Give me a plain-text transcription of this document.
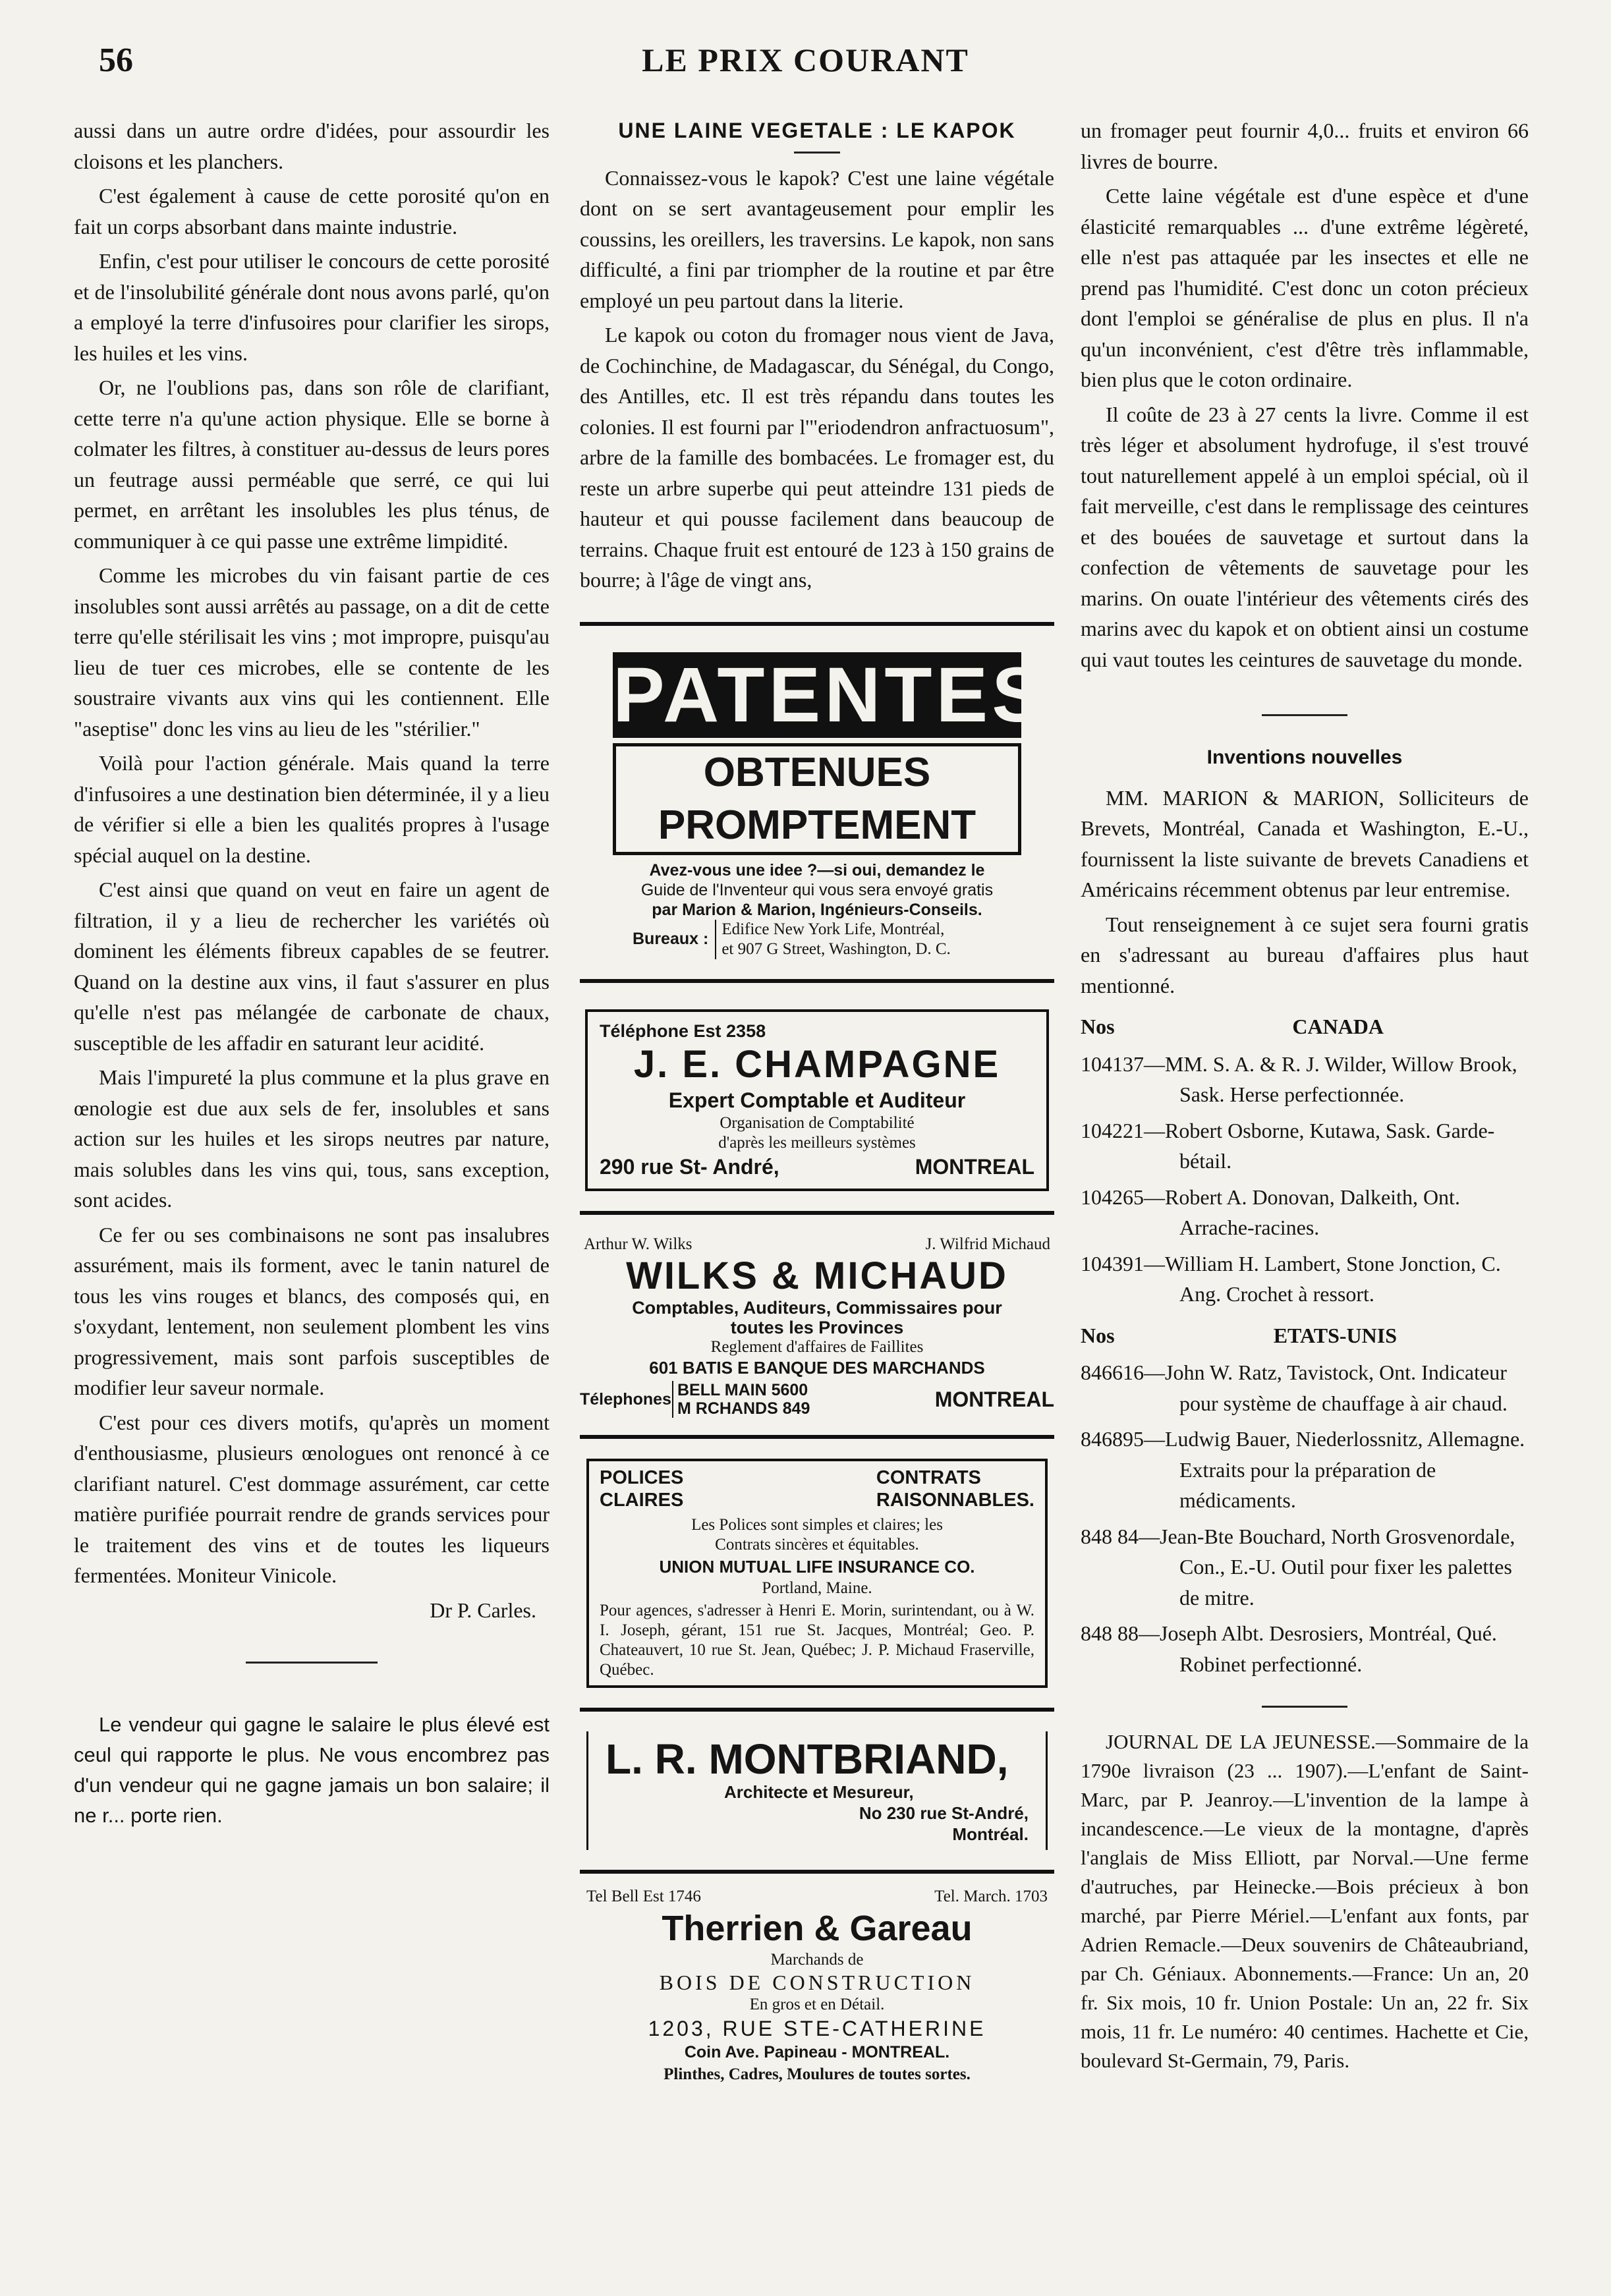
56	LE PRIX COURANT

aussi dans un autre ordre d'idées, pour assourdir les cloisons et les planchers.

C'est également à cause de cette porosité qu'on en fait un corps absorbant dans mainte industrie.

Enfin, c'est pour utiliser le concours de cette porosité et de l'insolubilité générale dont nous avons parlé, qu'on a employé la terre d'infusoires pour clarifier les sirops, les huiles et les vins.

Or, ne l'oublions pas, dans son rôle de clarifiant, cette terre n'a qu'une action physique. Elle se borne à colmater les filtres, à constituer au-dessus de leurs pores un feutrage aussi perméable que serré, ce qui lui permet, en arrêtant les insolubles les plus ténus, de communiquer à ce qui passe une extrême limpidité.

Comme les microbes du vin faisant partie de ces insolubles sont aussi arrêtés au passage, on a dit de cette terre qu'elle stérilisait les vins ; mot impropre, puisqu'au lieu de tuer ces microbes, elle se contente de les soustraire vivants aux vins qui les contiennent. Elle "aseptise" donc les vins au lieu de les "stérilier."

Voilà pour l'action générale. Mais quand la terre d'infusoires a une destination bien déterminée, il y a lieu de vérifier si elle a bien les qualités propres à l'usage spécial auquel on la destine.

C'est ainsi que quand on veut en faire un agent de filtration, il y a lieu de rechercher les variétés où dominent les éléments fibreux capables de se feutrer. Quand on la destine aux vins, il faut s'assurer en plus qu'elle n'est pas mélangée de carbonate de chaux, susceptible de les affadir en saturant leur acidité.

Mais l'impureté la plus commune et la plus grave en œnologie est due aux sels de fer, insolubles et sans action sur les huiles et les sirops neutres par nature, mais solubles dans les vins qui, tous, sans exception, sont acides.

Ce fer ou ses combinaisons ne sont pas insalubres assurément, mais ils forment, avec le tanin naturel de tous les vins rouges et blancs, des composés qui, en s'oxydant, lentement, non seulement plombent les vins progressivement, mais sont parfois susceptibles de modifier leur saveur normale.

C'est pour ces divers motifs, qu'après un moment d'enthousiasme, plusieurs œnologues ont renoncé à ce clarifiant naturel. C'est dommage assurément, car cette matière purifiée pourrait rendre de grands services pour le traitement des vins et de toutes les liqueurs fermentées. Moniteur Vinicole.

Dr P. Carles.

Le vendeur qui gagne le salaire le plus élevé est ceul qui rapporte le plus. Ne vous encombrez pas d'un vendeur qui ne gagne jamais un bon salaire; il ne r... porte rien.

UNE LAINE VEGETALE : LE KAPOK

Connaissez-vous le kapok? C'est une laine végétale dont on se sert avantageusement pour emplir les coussins, les oreillers, les traversins. Le kapok, non sans difficulté, a fini par triompher de la routine et par être employé un peu partout dans la literie.

Le kapok ou coton du fromager nous vient de Java, de Cochinchine, de Madagascar, du Sénégal, du Congo, des Antilles, etc. Il est très répandu dans toutes les colonies. Il est fourni par l'"eriodendron anfractuosum", arbre de la famille des bombacées. Le fromager est, du reste un arbre superbe qui peut atteindre 131 pieds de hauteur et qui pousse facilement dans beaucoup de terrains. Chaque fruit est entouré de 123 à 150 grains de bourre; à l'âge de vingt ans,

PATENTES
OBTENUES PROMPTEMENT
Avez-vous une idee ?—si oui, demandez le
Guide de l'Inventeur qui vous sera envoyé gratis
par Marion & Marion, Ingénieurs-Conseils.
Bureaux :
Edifice New York Life, Montréal,
et 907 G Street, Washington, D. C.
Téléphone Est 2358
J. E. CHAMPAGNE
Expert Comptable et Auditeur
Organisation de Comptabilité
d'après les meilleurs systèmes
290 rue St- André,	MONTREAL
Arthur W. Wilks	J. Wilfrid Michaud
WILKS & MICHAUD
Comptables, Auditeurs, Commissaires pour
toutes les Provinces
Reglement d'affaires de Faillites
601 BATIS E BANQUE DES MARCHANDS
Télephones BELL MAIN 5600
M RCHANDS 849	MONTREAL
POLICES
CLAIRES
CONTRATS
RAISONNABLES.
Les Polices sont simples et claires; les
Contrats sincères et équitables.
UNION MUTUAL LIFE INSURANCE CO.
Portland, Maine.
Pour agences, s'adresser à Henri E. Morin, surintendant, ou à W. I. Joseph, gérant, 151 rue St. Jacques, Montréal; Geo. P. Chateauvert, 10 rue St. Jean, Québec; J. P. Michaud Fraserville, Québec.
L. R. MONTBRIAND,
Architecte et Mesureur,
No 230 rue St-André,
Montréal.
Tel Bell Est 1746	Tel. March. 1703
Therrien & Gareau
Marchands de
BOIS DE CONSTRUCTION
En gros et en Détail.
1203, RUE STE-CATHERINE
Coin Ave. Papineau - MONTREAL.
Plinthes, Cadres, Moulures de toutes sortes.

un fromager peut fournir 4,0... fruits et environ 66 livres de bourre.

Cette laine végétale est d'une espèce et d'une élasticité remarquables ... d'une extrême légèreté, elle n'est pas attaquée par les insectes et elle ne prend pas l'humidité. C'est donc un coton précieux dont l'emploi se généralise de plus en plus. Il n'a qu'un inconvénient, c'est d'être très inflammable, bien plus que le coton ordinaire.

Il coûte de 23 à 27 cents la livre. Comme il est très léger et absolument hydrofuge, il s'est trouvé tout naturellement appelé à un emploi spécial, où il fait merveille, c'est dans le remplissage des ceintures et des bouées de sauvetage et surtout dans la confection de vêtements de sauvetage pour les marins. On ouate l'intérieur des vêtements cirés des marins avec du kapok et on obtient ainsi un costume qui vaut toutes les ceintures de sauvetage du monde.

Inventions nouvelles

MM. MARION & MARION, Solliciteurs de Brevets, Montréal, Canada et Washington, E.-U., fournissent la liste suivante de brevets Canadiens et Américains récemment obtenus par leur entremise.

Tout renseignement à ce sujet sera fourni gratis en s'adressant au bureau d'affaires plus haut mentionné.

Nos	CANADA

104137—MM. S. A. & R. J. Wilder, Willow Brook, Sask. Herse perfectionnée.

104221—Robert Osborne, Kutawa, Sask. Garde-bétail.

104265—Robert A. Donovan, Dalkeith, Ont. Arrache-racines.

104391—William H. Lambert, Stone Jonction, C. Ang. Crochet à ressort.

Nos	ETATS-UNIS

846616—John W. Ratz, Tavistock, Ont. Indicateur pour système de chauffage à air chaud.

846895—Ludwig Bauer, Niederlossnitz, Allemagne. Extraits pour la préparation de médicaments.

848 84—Jean-Bte Bouchard, North Grosvenordale, Con., E.-U. Outil pour fixer les palettes de mitre.

848 88—Joseph Albt. Desrosiers, Montréal, Qué. Robinet perfectionné.

JOURNAL DE LA JEUNESSE.—Sommaire de la 1790e livraison (23 ... 1907).—L'enfant de Saint-Marc, par P. Jeanroy.—L'invention de la lampe à incandescence.—Le vieux de la montagne, d'après l'anglais de Miss Elliott, par Norval.—Une ferme d'autruches, par Heinecke.—Bois précieux à bon marché, par Pierre Mériel.—L'enfant aux fonts, par Adrien Remacle.—Deux souvenirs de Châteaubriand, par Ch. Géniaux. Abonnements.—France: Un an, 20 fr. Six mois, 10 fr. Union Postale: Un an, 22 fr. Six mois, 11 fr. Le numéro: 40 centimes. Hachette et Cie, boulevard St-Germain, 79, Paris.
